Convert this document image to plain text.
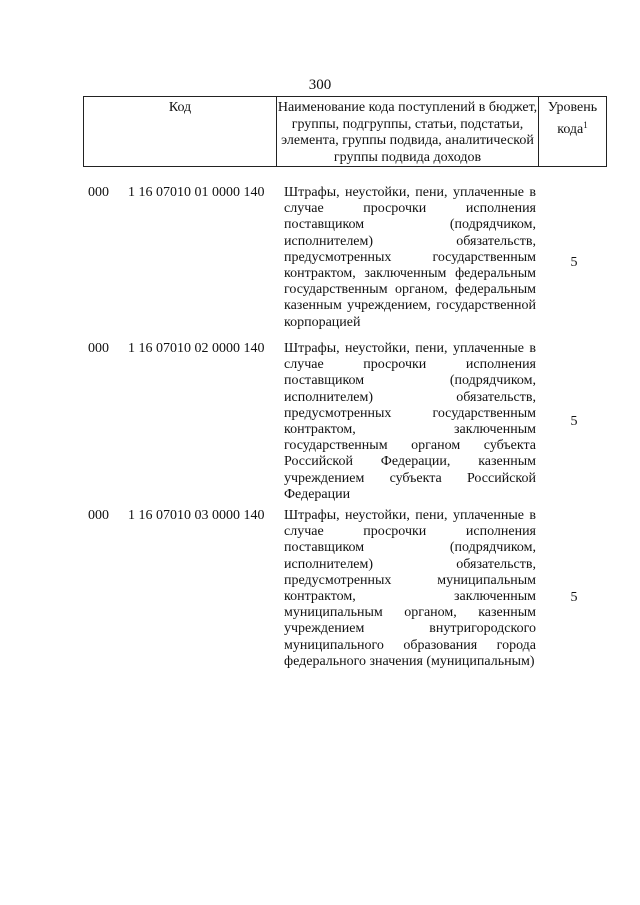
300
Код	Наименование кода поступлений в бюджет, группы, подгруппы, статьи, подстатьи, элемента, группы подвида, аналитической группы подвида доходов
Уровень кода$^1$
000 1 16 07010 01 0000 140 Штрафы, неустойки, пени, уплаченные в случае просрочки исполнения поставщиком (подрядчиком, исполнителем) обязательств, предусмотренных государственным контрактом, заключенным федеральным государственным органом, федеральным казенным учреждением, государственной корпорацией
5
000 1 16 07010 02 0000 140 Штрафы, неустойки, пени, уплаченные в случае просрочки исполнения поставщиком (подрядчиком, исполнителем) обязательств, предусмотренных государственным контрактом, заключенным государственным органом субъекта Российской Федерации, казенным учреждением субъекта Российской Федерации
5
000 1 16 07010 03 0000 140 Штрафы, неустойки, пени, уплаченные в случае просрочки исполнения поставщиком (подрядчиком, исполнителем) обязательств, предусмотренных муниципальным контрактом, заключенным муниципальным органом, казенным учреждением внутригородского муниципального образования города федерального значения (муниципальным)
5
